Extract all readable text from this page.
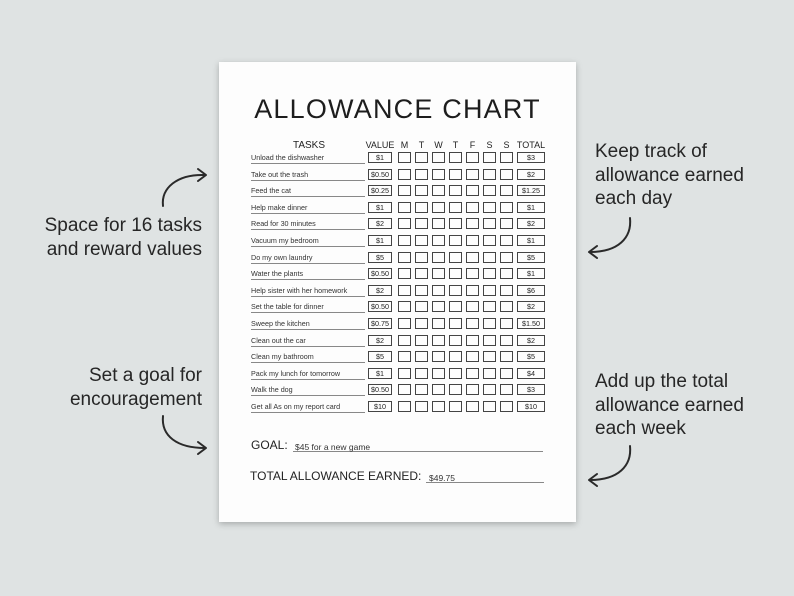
Space for 16 tasks
and reward values
Set a goal for
encouragement
Keep track of
allowance earned
each day
Add up the total
allowance earned
each week
ALLOWANCE CHART
TASKS	VALUE M	T	W	T	F	S	S TOTAL
Unload the dishwasher	$1	$3
Take out the trash	$0.50	$2
Feed the cat	$0.25	$1.25
Help make dinner	$1	$1
Read for 30 minutes	$2	$2
Vacuum my bedroom	$1	$1
Do my own laundry	$5	$5
Water the plants	$0.50	$1
Help sister with her homework	$2	$6
Set the table for dinner	$0.50	$2
Sweep the kitchen	$0.75	$1.50
Clean out the car	$2	$2
Clean my bathroom	$5	$5
Pack my lunch for tomorrow	$1	$4
Walk the dog	$0.50	$3
Get all As on my report card	$10	$10
GOAL: $45 for a new game
TOTAL ALLOWANCE EARNED: $49.75
